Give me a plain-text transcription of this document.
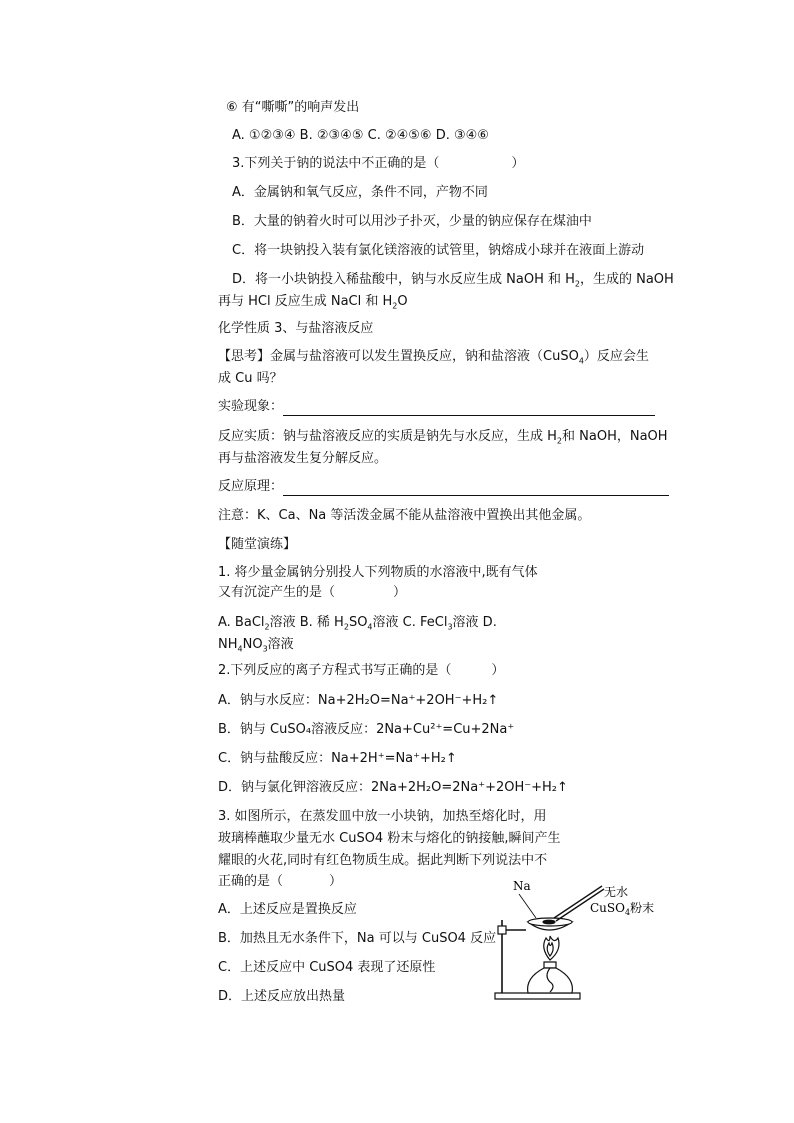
⑥ 有“嘶嘶”的响声发出
A. ①②③④ B. ②③④⑤ C. ②④⑤⑥ D. ③④⑥
3.下列关于钠的说法中不正确的是（	）
A．金属钠和氧气反应，条件不同，产物不同
B．大量的钠着火时可以用沙子扑灭，少量的钠应保存在煤油中
C．将一块钠投入装有氯化镁溶液的试管里，钠熔成小球并在液面上游动
D．将一小块钠投入稀盐酸中，钠与水反应生成 NaOH 和 $H_2$，生成的 NaOH
再与 HCl 反应生成 NaCl 和 $H_2O$
化学性质 3、与盐溶液反应
【思考】金属与盐溶液可以发生置换反应，钠和盐溶液（CuSO$_4$）反应会生
成 Cu 吗？
实验现象：
反应实质：钠与盐溶液反应的实质是钠先与水反应，生成 $H_2$和 NaOH，NaOH
再与盐溶液发生复分解反应。
反应原理：
注意：K、Ca、Na 等活泼金属不能从盐溶液中置换出其他金属。
【随堂演练】
1. 将少量金属钠分别投人下列物质的水溶液中,既有气体
又有沉淀产生的是（	）
A. BaCl$_2$溶液 B. 稀 $H_2SO_4$溶液 C. FeCl$_3$溶液 D.
$NH_4NO_3$溶液
2.下列反应的离子方程式书写正确的是（	）
A．钠与水反应：Na+2H₂O=Na⁺+2OH⁻+H₂↑
B．钠与 CuSO₄溶液反应：2Na+Cu²⁺=Cu+2Na⁺
C．钠与盐酸反应：Na+2H⁺=Na⁺+H₂↑
D．钠与氯化钾溶液反应：2Na+2H₂O=2Na⁺+2OH⁻+H₂↑
3. 如图所示，在蒸发皿中放一小块钠，加热至熔化时，用
玻璃棒蘸取少量无水 CuSO4 粉末与熔化的钠接触,瞬间产生
耀眼的火花,同时有红色物质生成。据此判断下列说法中不
正确的是（	）
A．上述反应是置换反应
B．加热且无水条件下，Na 可以与 CuSO4 反应
C．上述反应中 CuSO4 表现了还原性
D．上述反应放出热量
Na	无水
CuSO$_4$粉末
